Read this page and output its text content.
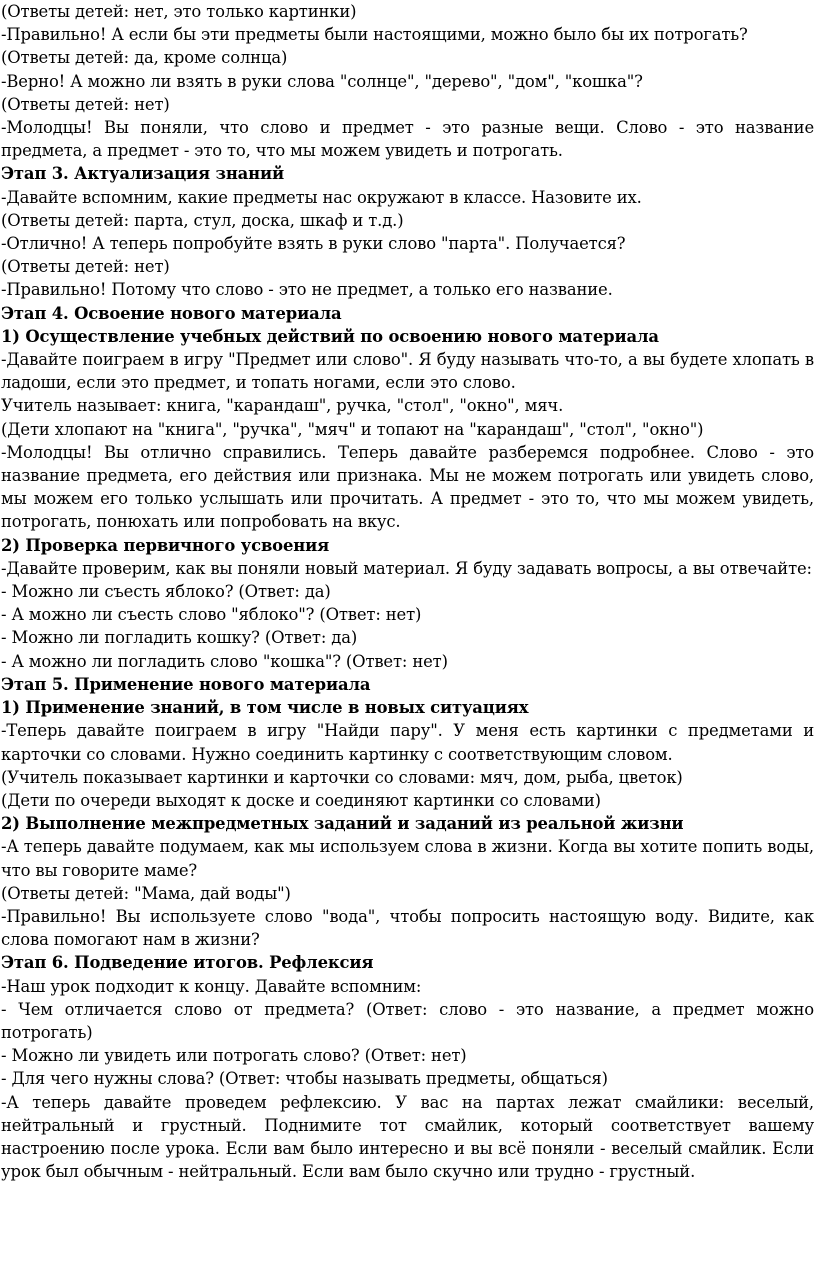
(Ответы детей: нет, это только картинки)

-Правильно! А если бы эти предметы были настоящими, можно было бы их потрогать?

(Ответы детей: да, кроме солнца)

-Верно! А можно ли взять в руки слова "солнце", "дерево", "дом", "кошка"?

(Ответы детей: нет)

-Молодцы! Вы поняли, что слово и предмет - это разные вещи. Слово - это название предмета, а предмет - это то, что мы можем увидеть и потрогать.

Этап 3. Актуализация знаний

-Давайте вспомним, какие предметы нас окружают в классе. Назовите их.

(Ответы детей: парта, стул, доска, шкаф и т.д.)

-Отлично! А теперь попробуйте взять в руки слово "парта". Получается?

(Ответы детей: нет)

-Правильно! Потому что слово - это не предмет, а только его название.

Этап 4. Освоение нового материала

1) Осуществление учебных действий по освоению нового материала

-Давайте поиграем в игру "Предмет или слово". Я буду называть что-то, а вы будете хлопать в ладоши, если это предмет, и топать ногами, если это слово.

Учитель называет: книга, "карандаш", ручка, "стол", "окно", мяч.

(Дети хлопают на "книга", "ручка", "мяч" и топают на "карандаш", "стол", "окно")

-Молодцы! Вы отлично справились. Теперь давайте разберемся подробнее. Слово - это название предмета, его действия или признака. Мы не можем потрогать или увидеть слово, мы можем его только услышать или прочитать. А предмет - это то, что мы можем увидеть, потрогать, понюхать или попробовать на вкус.

2) Проверка первичного усвоения

-Давайте проверим, как вы поняли новый материал. Я буду задавать вопросы, а вы отвечайте:

- Можно ли съесть яблоко? (Ответ: да)

- А можно ли съесть слово "яблоко"? (Ответ: нет)

- Можно ли погладить кошку? (Ответ: да)

- А можно ли погладить слово "кошка"? (Ответ: нет)

Этап 5. Применение нового материала

1) Применение знаний, в том числе в новых ситуациях

-Теперь давайте поиграем в игру "Найди пару". У меня есть картинки с предметами и карточки со словами. Нужно соединить картинку с соответствующим словом.

(Учитель показывает картинки и карточки со словами: мяч, дом, рыба, цветок)

(Дети по очереди выходят к доске и соединяют картинки со словами)

2) Выполнение межпредметных заданий и заданий из реальной жизни

-А теперь давайте подумаем, как мы используем слова в жизни. Когда вы хотите попить воды, что вы говорите маме?

(Ответы детей: "Мама, дай воды")

-Правильно! Вы используете слово "вода", чтобы попросить настоящую воду. Видите, как слова помогают нам в жизни?

Этап 6. Подведение итогов. Рефлексия

-Наш урок подходит к концу. Давайте вспомним:

- Чем отличается слово от предмета? (Ответ: слово - это название, а предмет можно потрогать)

- Можно ли увидеть или потрогать слово? (Ответ: нет)

- Для чего нужны слова? (Ответ: чтобы называть предметы, общаться)

-А теперь давайте проведем рефлексию. У вас на партах лежат смайлики: веселый, нейтральный и грустный. Поднимите тот смайлик, который соответствует вашему настроению после урока. Если вам было интересно и вы всё поняли - веселый смайлик. Если урок был обычным - нейтральный. Если вам было скучно или трудно - грустный.
